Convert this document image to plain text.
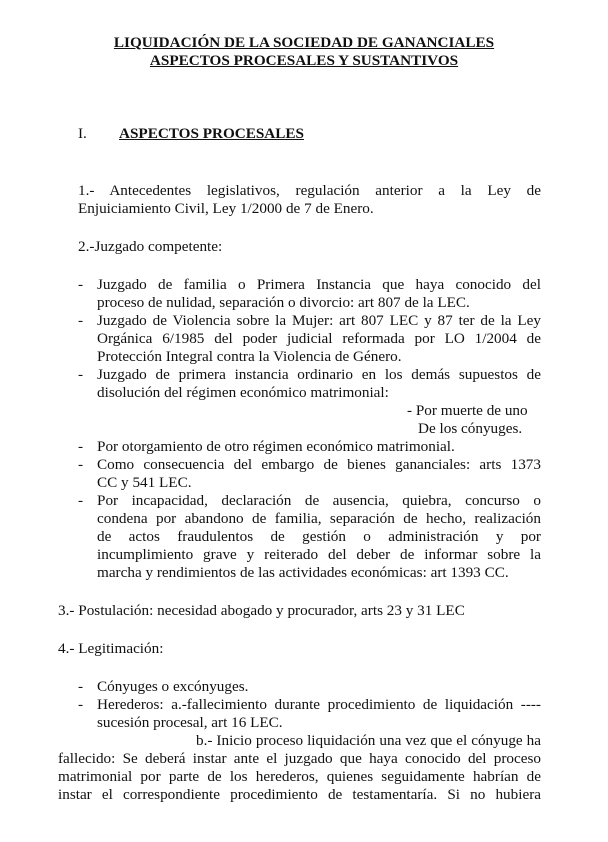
LIQUIDACIÓN DE LA SOCIEDAD DE GANANCIALES
ASPECTOS PROCESALES Y SUSTANTIVOS
I. ASPECTOS PROCESALES
1.- Antecedentes legislativos, regulación anterior a la Ley de
Enjuiciamiento Civil, Ley 1/2000 de 7 de Enero.
2.-Juzgado competente:
- Juzgado de familia o Primera Instancia que haya conocido del
proceso de nulidad, separación o divorcio: art 807 de la LEC.
- Juzgado de Violencia sobre la Mujer: art 807 LEC y 87 ter de la Ley
Orgánica 6/1985 del poder judicial reformada por LO 1/2004 de
Protección Integral contra la Violencia de Género.
- Juzgado de primera instancia ordinario en los demás supuestos de
disolución del régimen económico matrimonial:
- Por muerte de uno
De los cónyuges.
- Por otorgamiento de otro régimen económico matrimonial.
- Como consecuencia del embargo de bienes gananciales: arts 1373
CC y 541 LEC.
- Por incapacidad, declaración de ausencia, quiebra, concurso o
condena por abandono de familia, separación de hecho, realización
de actos fraudulentos de gestión o administración y por
incumplimiento grave y reiterado del deber de informar sobre la
marcha y rendimientos de las actividades económicas: art 1393 CC.
3.- Postulación: necesidad abogado y procurador, arts 23 y 31 LEC
4.- Legitimación:
- Cónyuges o excónyuges.
- Herederos: a.-fallecimiento durante procedimiento de liquidación ----
sucesión procesal, art 16 LEC.
b.- Inicio proceso liquidación una vez que el cónyuge ha
fallecido: Se deberá instar ante el juzgado que haya conocido del proceso
matrimonial por parte de los herederos, quienes seguidamente habrían de
instar el correspondiente procedimiento de testamentaría. Si no hubiera
